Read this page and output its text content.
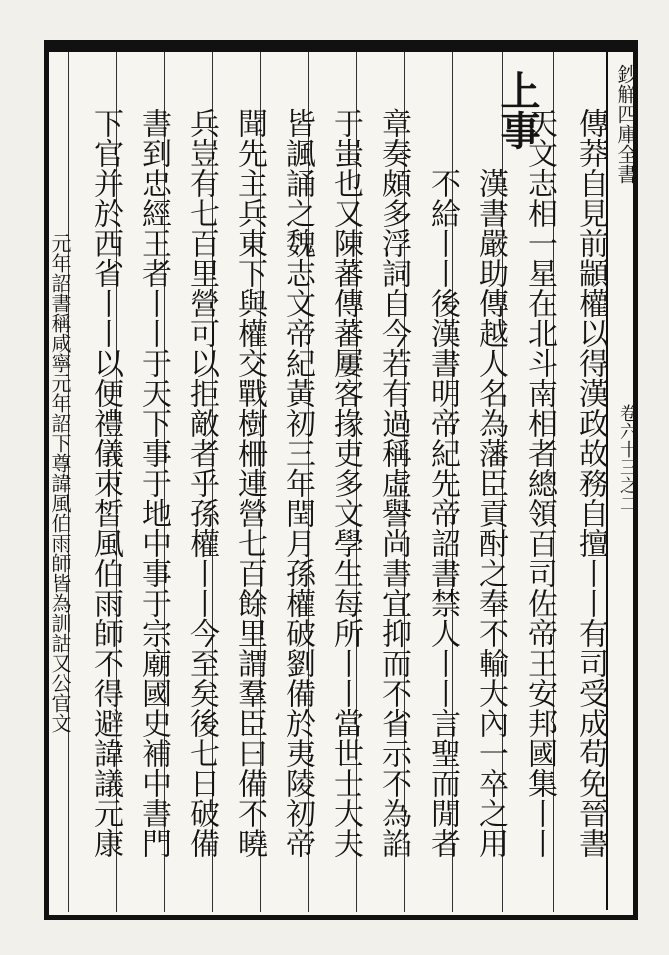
鈔觧四庫全書
卷六十三之二
傳莽自見前顓權以得漢政故務自擅丨丨有司受成苟免晉書
天文志相一星在北斗南相者總領百司佐帝王安邦國集丨丨
上事
漢書嚴助傳越人名為藩臣貢酎之奉不輸大內一卒之用
不給丨丨後漢書明帝紀先帝詔書禁人丨丨言聖而閒者
章奏頗多浮詞自今若有過稱虛譽尚書宜抑而不省示不為諂
于蚩也又陳蕃傳蕃屢客掾吏多文學生每所丨丨當世士大夫
皆諷誦之魏志文帝紀黃初三年閏月孫權破劉備於夷陵初帝
聞先主兵東下與權交戰樹柵連營七百餘里謂羣臣曰備不曉
兵豈有七百里營可以拒敵者乎孫權丨丨今至矣後七日破備
書到忠經王者丨丨于天下事于地中事于宗廟國史補中書門
下官并於西省丨丨以便禮儀朿皙風伯雨師不得避諱議元康
元年詔書稱咸寧元年詔下尊諱風伯雨師皆為訓詁又公官文
